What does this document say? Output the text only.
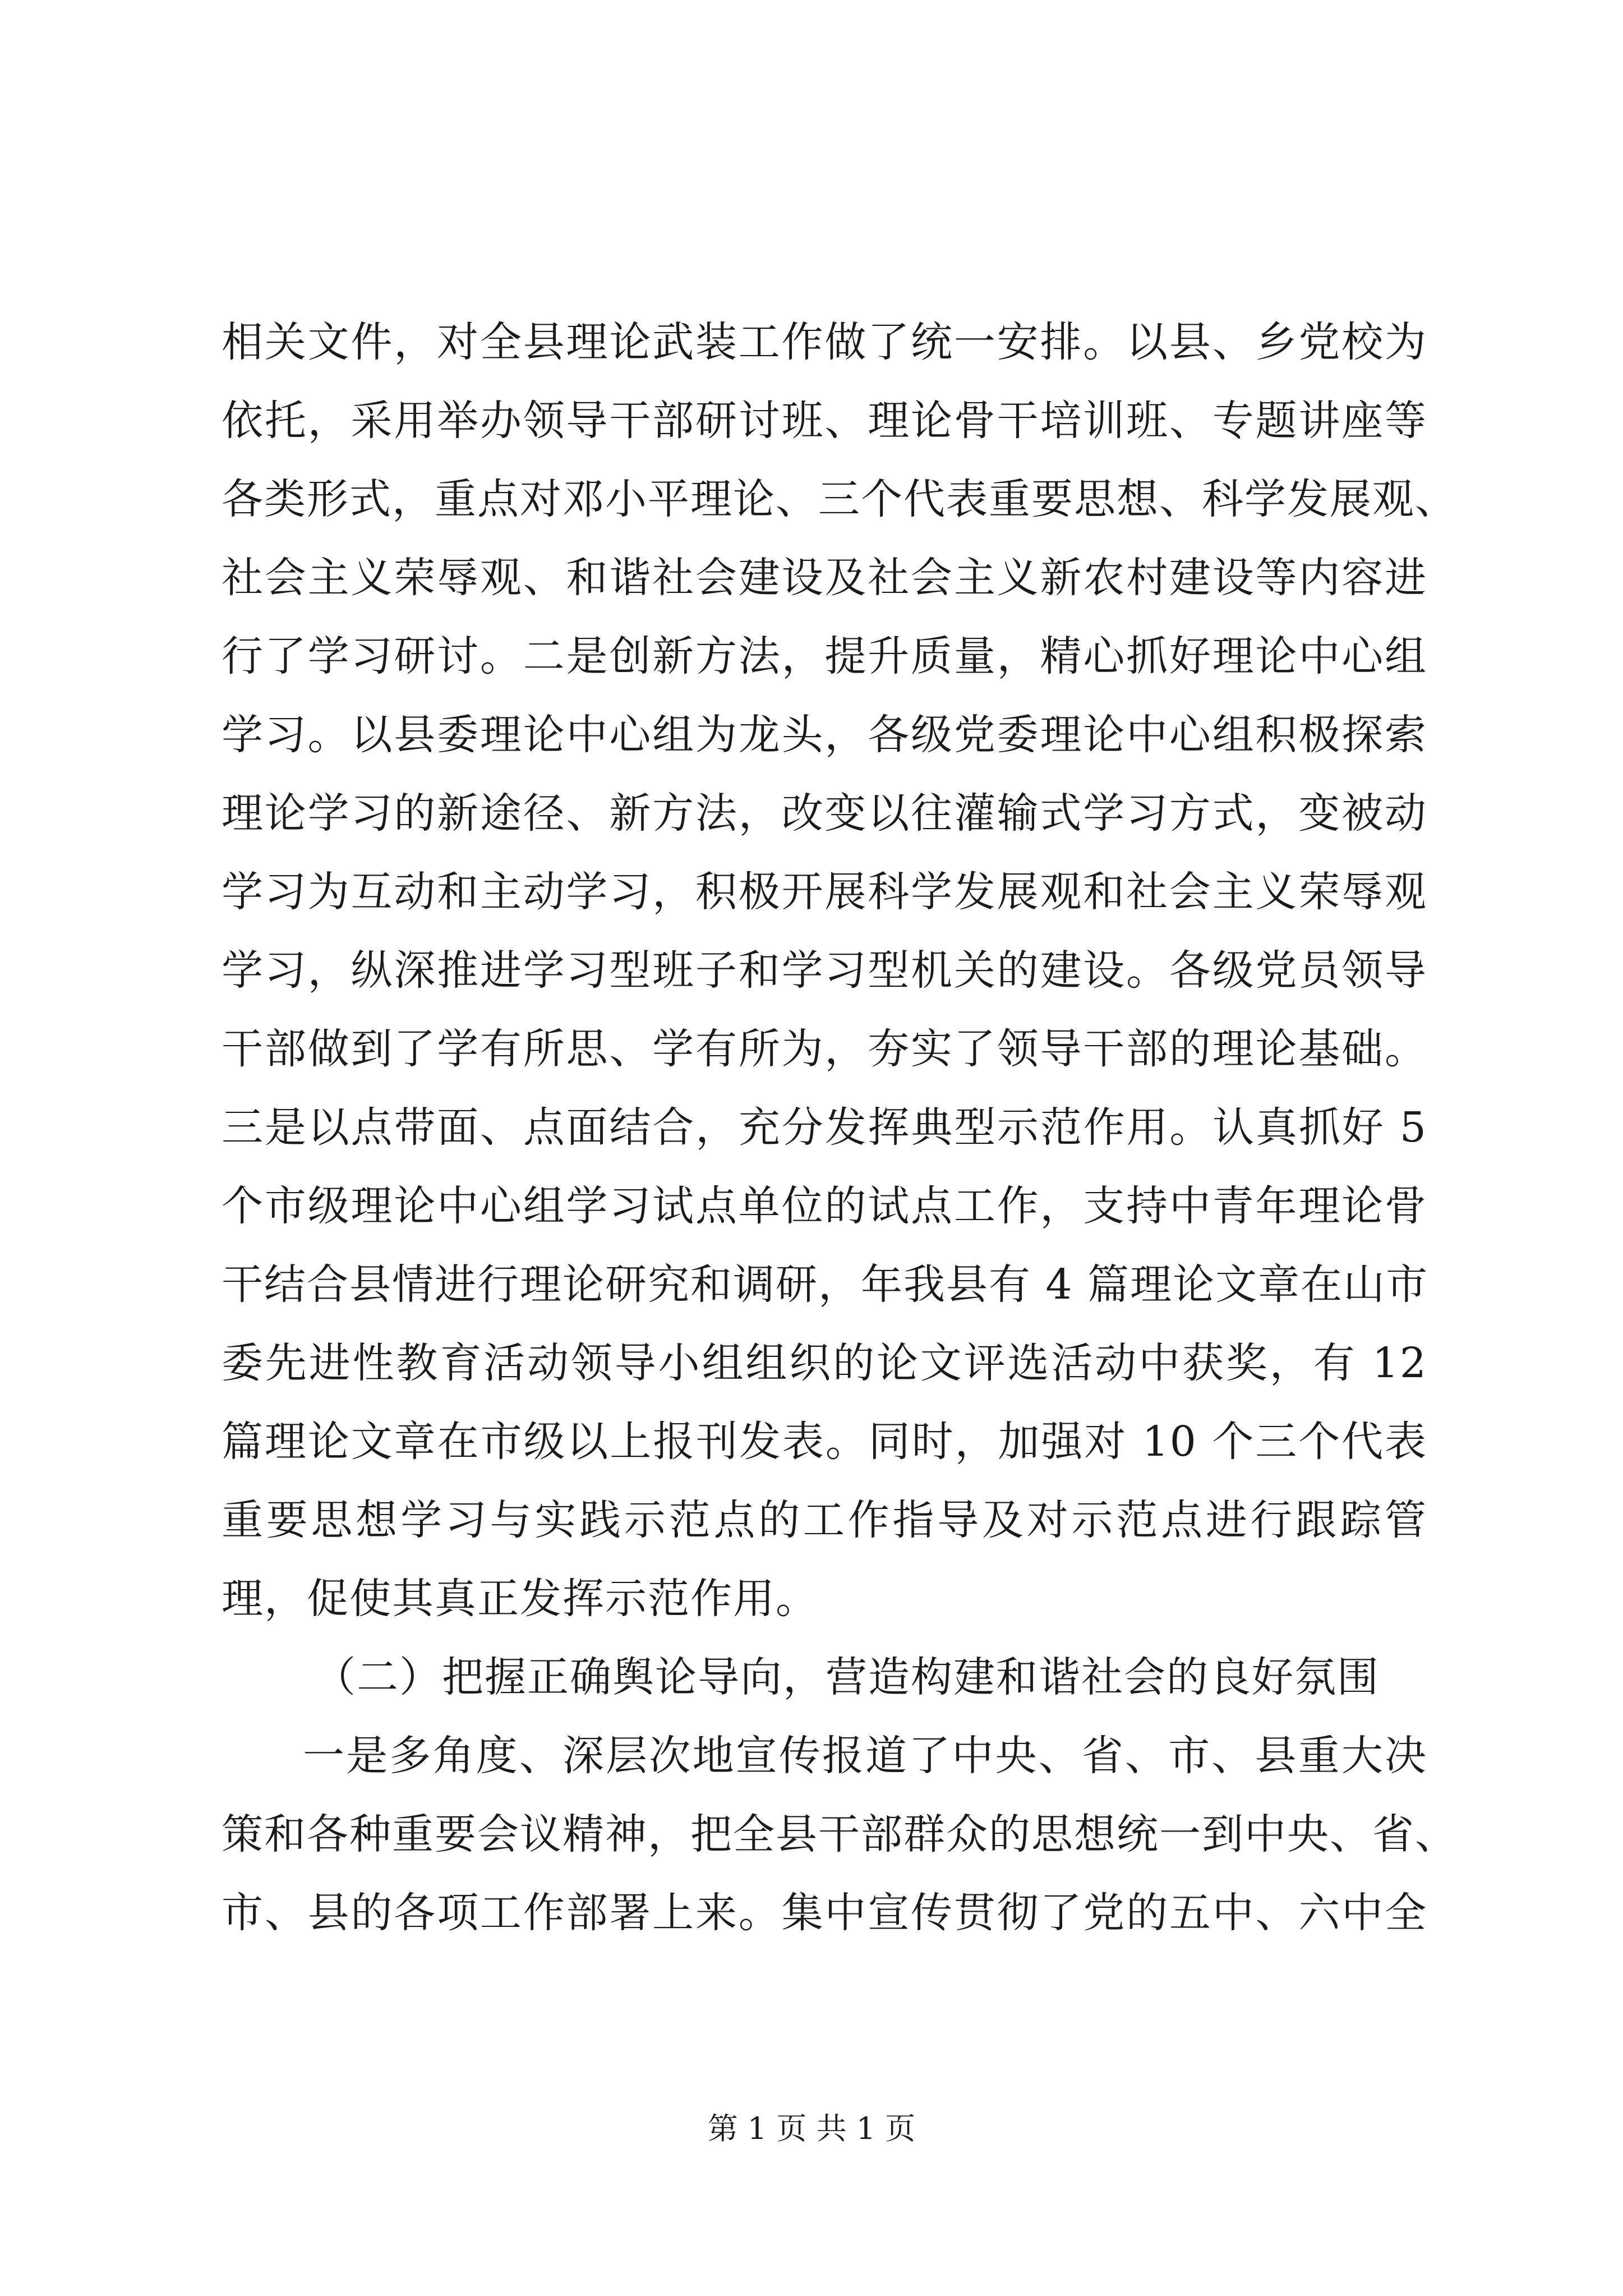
相关文件，对全县理论武装工作做了统一安排。以县、乡党校为
依托，采用举办领导干部研讨班、理论骨干培训班、专题讲座等
各类形式，重点对邓小平理论、三个代表重要思想、科学发展观、
社会主义荣辱观、和谐社会建设及社会主义新农村建设等内容进
行了学习研讨。二是创新方法，提升质量，精心抓好理论中心组
学习。以县委理论中心组为龙头，各级党委理论中心组积极探索
理论学习的新途径、新方法，改变以往灌输式学习方式，变被动
学习为互动和主动学习，积极开展科学发展观和社会主义荣辱观
学习，纵深推进学习型班子和学习型机关的建设。各级党员领导
干部做到了学有所思、学有所为，夯实了领导干部的理论基础。
三是以点带面、点面结合，充分发挥典型示范作用。认真抓好 5
个市级理论中心组学习试点单位的试点工作，支持中青年理论骨
干结合县情进行理论研究和调研，年我县有 4 篇理论文章在山市
委先进性教育活动领导小组组织的论文评选活动中获奖，有 12
篇理论文章在市级以上报刊发表。同时，加强对 10 个三个代表
重要思想学习与实践示范点的工作指导及对示范点进行跟踪管
理，促使其真正发挥示范作用。
（二）把握正确舆论导向，营造构建和谐社会的良好氛围
一是多角度、深层次地宣传报道了中央、省、市、县重大决
策和各种重要会议精神，把全县干部群众的思想统一到中央、省、
市、县的各项工作部署上来。集中宣传贯彻了党的五中、六中全
第 1 页 共 1 页
